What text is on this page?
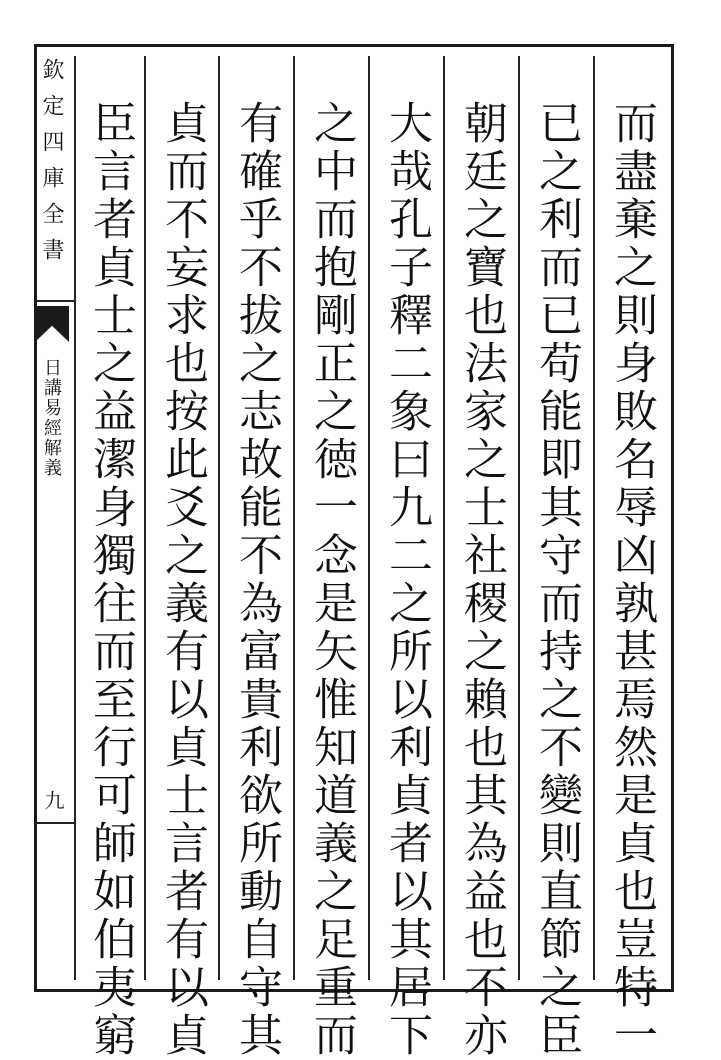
欽定四庫全書
日講易經解義
九	而盡棄之則身敗名辱凶孰甚焉然是貞也豈特一
已之利而已苟能即其守而持之不變則直節之臣
朝廷之寶也法家之士社稷之賴也其為益也不亦
大哉孔子釋二象曰九二之所以利貞者以其居下
之中而抱剛正之徳一念是矢惟知道義之足重而
有確乎不拔之志故能不為富貴利欲所動自守其
貞而不妄求也按此爻之義有以貞士言者有以貞
臣言者貞士之益潔身獨往而至行可師如伯夷窮
